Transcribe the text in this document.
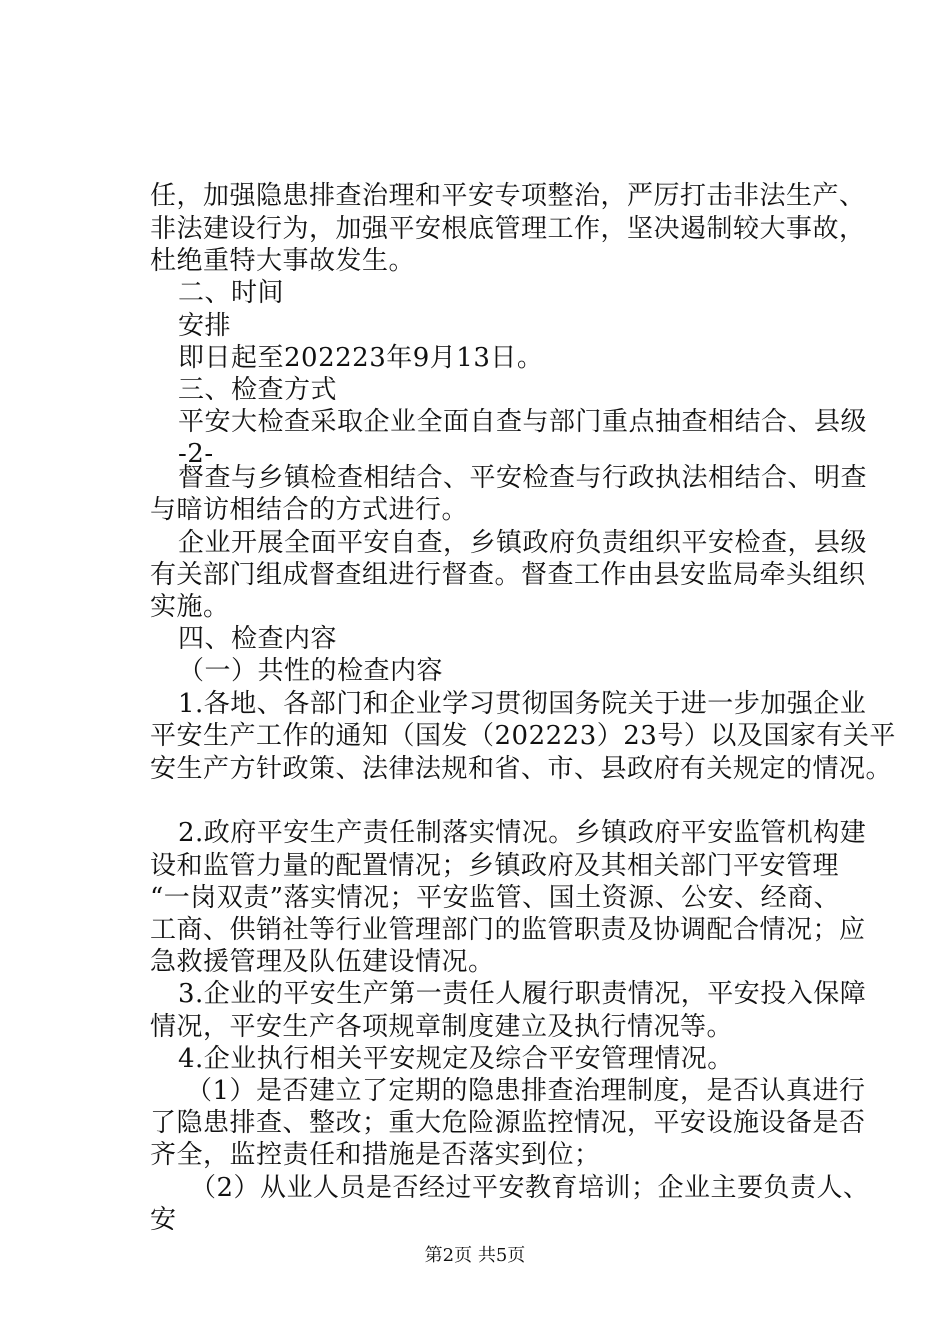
任，加强隐患排查治理和平安专项整治，严厉打击非法生产、
非法建设行为，加强平安根底管理工作，坚决遏制较大事故，
杜绝重特大事故发生。
二、时间
安排
即日起至202223年9月13日。
三、检查方式
平安大检查采取企业全面自查与部门重点抽查相结合、县级
-2-
督查与乡镇检查相结合、平安检查与行政执法相结合、明查
与暗访相结合的方式进行。
企业开展全面平安自查，乡镇政府负责组织平安检查，县级
有关部门组成督查组进行督查。督查工作由县安监局牵头组织
实施。
四、检查内容
（一）共性的检查内容
1.各地、各部门和企业学习贯彻国务院关于进一步加强企业
平安生产工作的通知（国发（202223）23号）以及国家有关平
安生产方针政策、法律法规和省、市、县政府有关规定的情况。
2.政府平安生产责任制落实情况。乡镇政府平安监管机构建
设和监管力量的配置情况；乡镇政府及其相关部门平安管理
“一岗双责”落实情况；平安监管、国土资源、公安、经商、
工商、供销社等行业管理部门的监管职责及协调配合情况；应
急救援管理及队伍建设情况。
3.企业的平安生产第一责任人履行职责情况，平安投入保障
情况，平安生产各项规章制度建立及执行情况等。
4.企业执行相关平安规定及综合平安管理情况。
（1）是否建立了定期的隐患排查治理制度，是否认真进行
了隐患排查、整改；重大危险源监控情况，平安设施设备是否
齐全，监控责任和措施是否落实到位；
（2）从业人员是否经过平安教育培训；企业主要负责人、
安
第2页 共5页
